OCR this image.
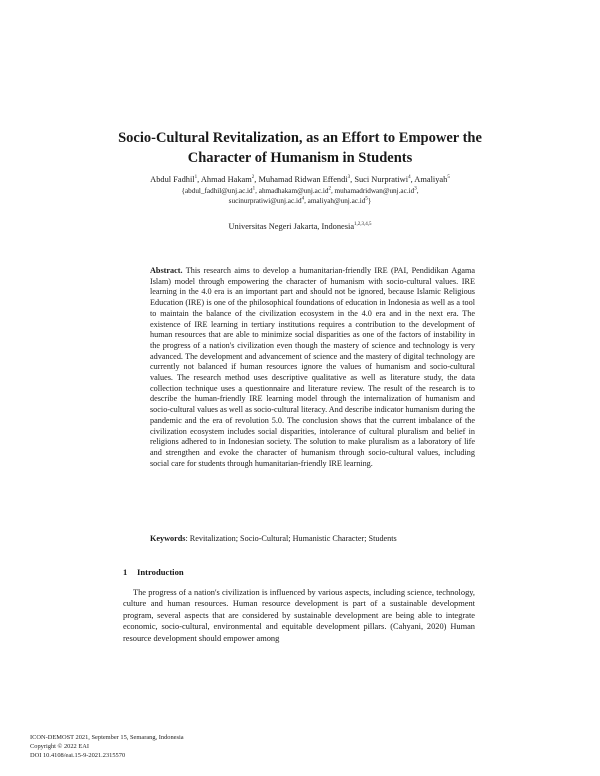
Socio-Cultural Revitalization, as an Effort to Empower the Character of Humanism in Students
Abdul Fadhil$^1$, Ahmad Hakam$^2$, Muhamad Ridwan Effendi$^3$, Suci Nurpratiwi$^4$, Amaliyah$^5$
{$abdul\_fadhil@unj.ac.id^1$, $ahmadhakam@unj.ac.id^2$, $muhamadridwan@unj.ac.id^3$,
$sucinurpratiwi@unj.ac.id^4$, $amaliyah@unj.ac.id^5$}
Universitas Negeri Jakarta, Indonesia$^{1,2,3,4,5}$
Abstract. This research aims to develop a humanitarian-friendly IRE (PAI, Pendidikan Agama Islam) model through empowering the character of humanism with socio-cultural values. IRE learning in the 4.0 era is an important part and should not be ignored, because Islamic Religious Education (IRE) is one of the philosophical foundations of education in Indonesia as well as a tool to maintain the balance of the civilization ecosystem in the 4.0 era and in the next era. The existence of IRE learning in tertiary institutions requires a contribution to the development of human resources that are able to minimize social disparities as one of the factors of instability in the progress of a nation's civilization even though the mastery of science and technology is very advanced. The development and advancement of science and the mastery of digital technology are currently not balanced if human resources ignore the values of humanism and socio-cultural values. The research method uses descriptive qualitative as well as literature study, the data collection technique uses a questionnaire and literature review. The result of the research is to describe the human-friendly IRE learning model through the internalization of humanism and socio-cultural values as well as socio-cultural literacy. And describe indicator humanism during the pandemic and the era of revolution 5.0. The conclusion shows that the current imbalance of the civilization ecosystem includes social disparities, intolerance of cultural pluralism and belief in religions adhered to in Indonesian society. The solution to make pluralism as a laboratory of life and strengthen and evoke the character of humanism through socio-cultural values, including social care for students through humanitarian-friendly IRE learning.
Keywords: Revitalization; Socio-Cultural; Humanistic Character; Students
1 Introduction
The progress of a nation's civilization is influenced by various aspects, including science, technology, culture and human resources. Human resource development is part of a sustainable development program, several aspects that are considered by sustainable development are being able to integrate economic, socio-cultural, environmental and equitable development pillars. (Cahyani, 2020) Human resource development should empower among
ICON-DEMOST 2021, September 15, Semarang, Indonesia
Copyright © 2022 EAI
DOI 10.4108/eai.15-9-2021.2315570
